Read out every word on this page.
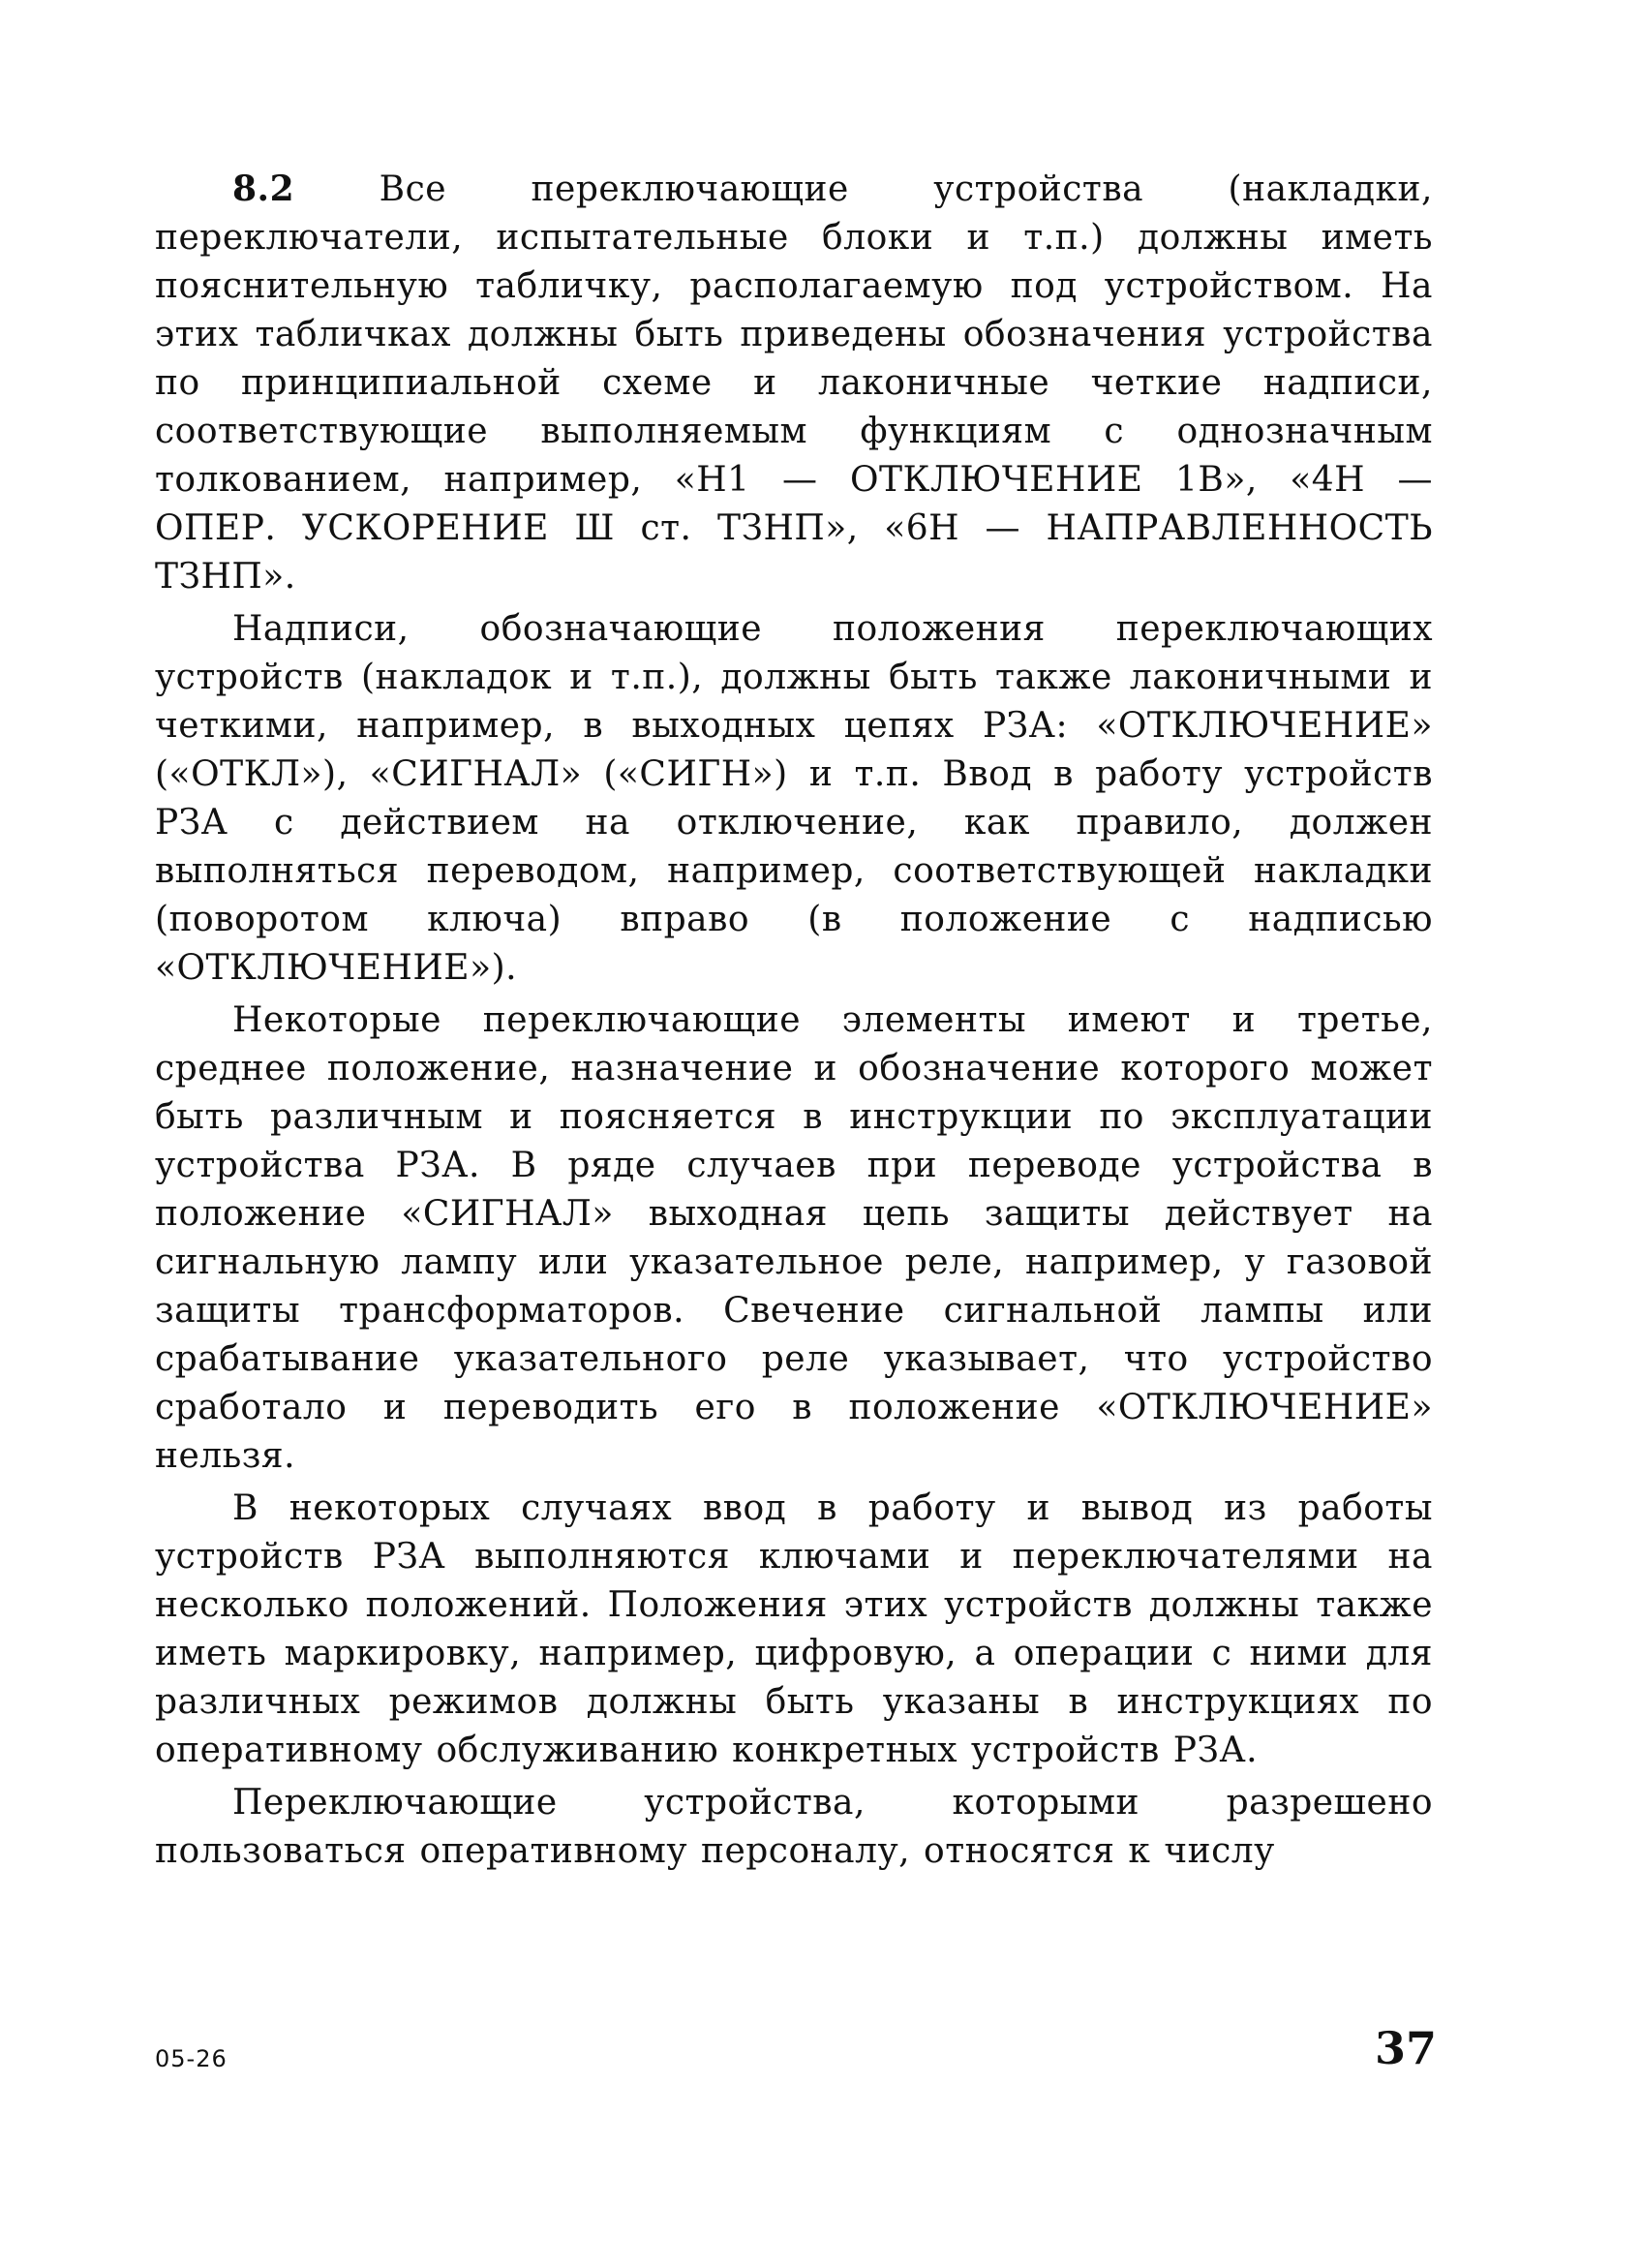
8.2 Все переключающие устройства (накладки, переключатели, испытательные блоки и т.п.) должны иметь пояснительную табличку, располагаемую под устройством. На этих табличках должны быть приведены обозначения устройства по принципиальной схеме и лаконичные четкие надписи, соответствующие выполняемым функциям с однозначным толкованием, например, «Н1 — ОТКЛЮЧЕНИЕ 1В», «4Н — ОПЕР. УСКОРЕНИЕ Ш ст. ТЗНП», «6Н — НАПРАВЛЕННОСТЬ ТЗНП».

Надписи, обозначающие положения переключающих устройств (накладок и т.п.), должны быть также лаконичными и четкими, например, в выходных цепях РЗА: «ОТКЛЮЧЕНИЕ» («ОТКЛ»), «СИГНАЛ» («СИГН») и т.п. Ввод в работу устройств РЗА с действием на отключение, как правило, должен выполняться переводом, например, соответствующей накладки (поворотом ключа) вправо (в положение с надписью «ОТКЛЮЧЕНИЕ»).

Некоторые переключающие элементы имеют и третье, среднее положение, назначение и обозначение которого может быть различным и поясняется в инструкции по эксплуатации устройства РЗА. В ряде случаев при переводе устройства в положение «СИГНАЛ» выходная цепь защиты действует на сигнальную лампу или указательное реле, например, у газовой защиты трансформаторов. Свечение сигнальной лампы или срабатывание указательного реле указывает, что устройство сработало и переводить его в положение «ОТКЛЮЧЕНИЕ» нельзя.

В некоторых случаях ввод в работу и вывод из работы устройств РЗА выполняются ключами и переключателями на несколько положений. Положения этих устройств должны также иметь маркировку, например, цифровую, а операции с ними для различных режимов должны быть указаны в инструкциях по оперативному обслуживанию конкретных устройств РЗА.

Переключающие устройства, которыми разрешено пользоваться оперативному персоналу, относятся к числу

05-26	37
